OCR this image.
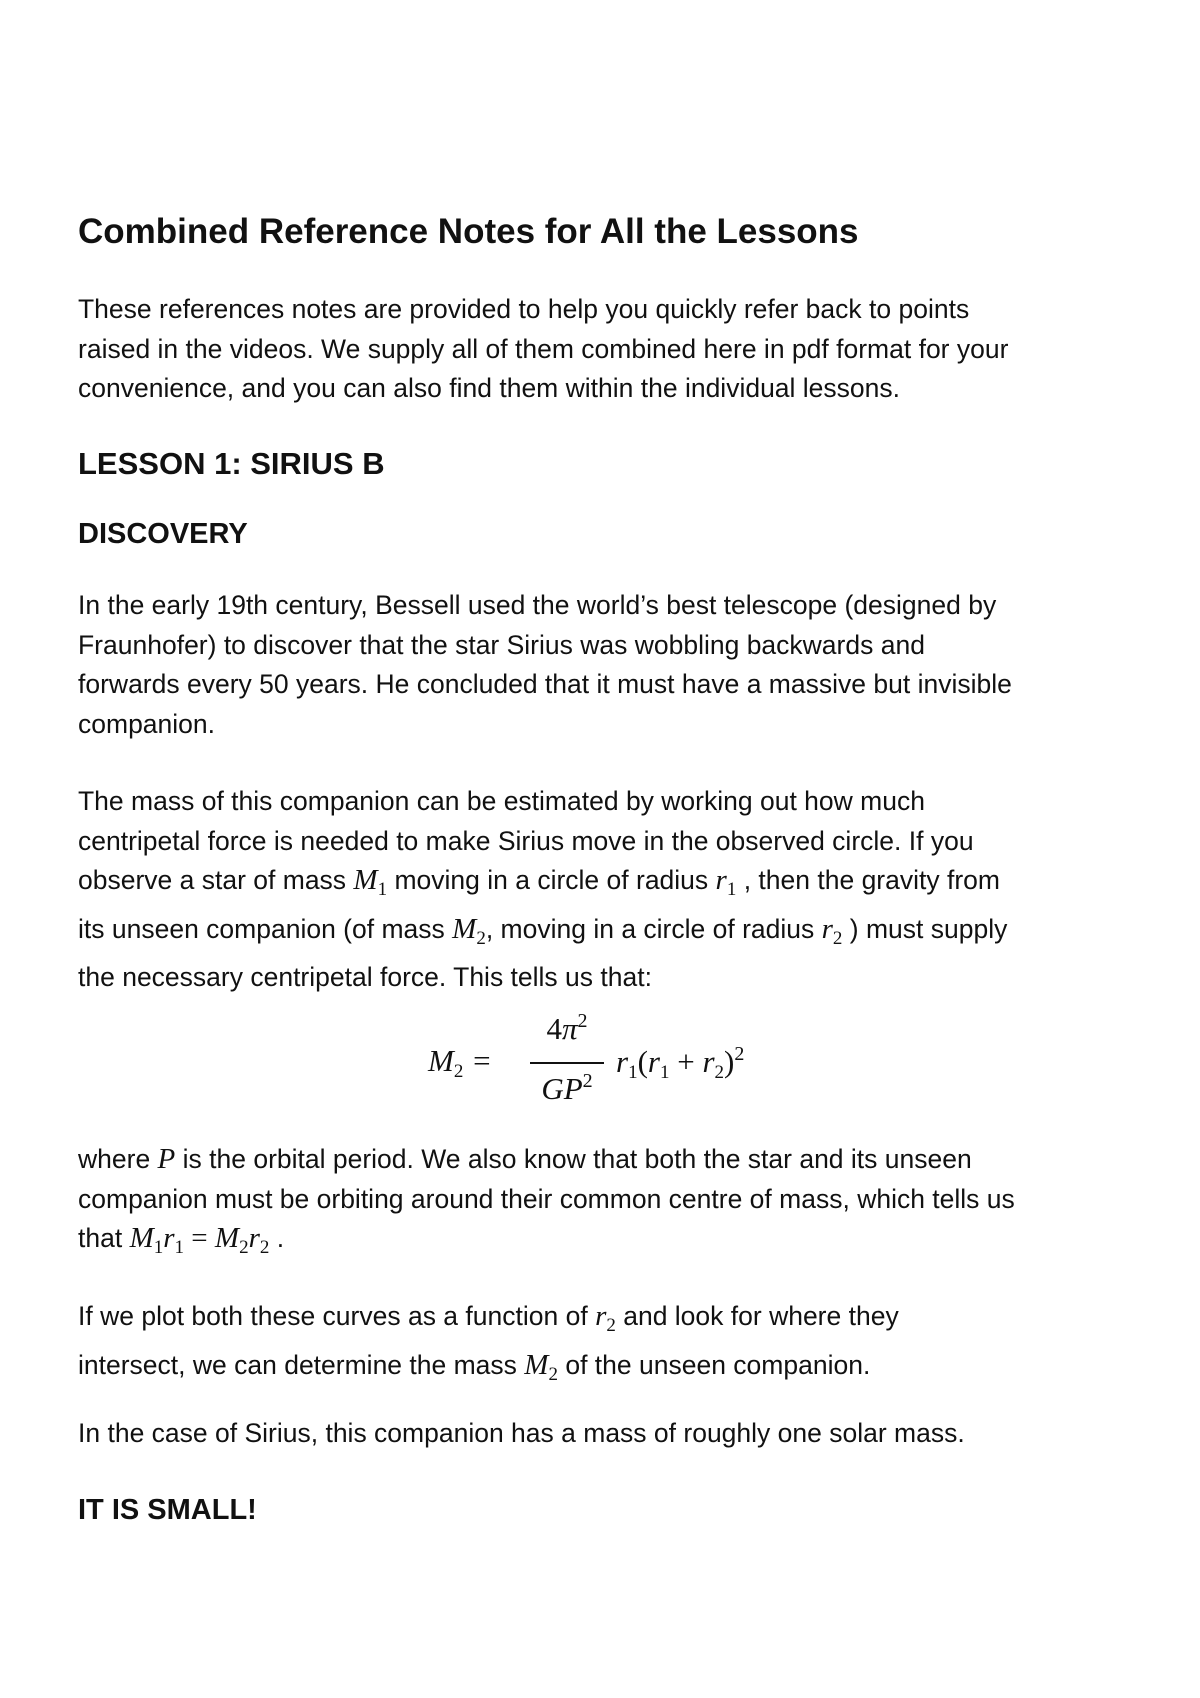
Combined Reference Notes for All the Lessons

These references notes are provided to help you quickly refer back to points
raised in the videos. We supply all of them combined here in pdf format for your
convenience, and you can also find them within the individual lessons.

LESSON 1: SIRIUS B
DISCOVERY

In the early 19th century, Bessell used the world’s best telescope (designed by
Fraunhofer) to discover that the star Sirius was wobbling backwards and
forwards every 50 years. He concluded that it must have a massive but invisible
companion.

The mass of this companion can be estimated by working out how much
centripetal force is needed to make Sirius move in the observed circle. If you
observe a star of mass $M_1$ moving in a circle of radius $r_1$ , then the gravity from
its unseen companion (of mass $M_2$, moving in a circle of radius $r_2$ ) must supply
the necessary centripetal force. This tells us that:

$M_2$ =
$4\pi^2$
$GP^2$
$r_1(r_1 + r_2)^2$

where P is the orbital period. We also know that both the star and its unseen
companion must be orbiting around their common centre of mass, which tells us
that $M_1r_1 = M_2r_2$ .

If we plot both these curves as a function of $r_2$ and look for where they
intersect, we can determine the mass $M_2$ of the unseen companion.

In the case of Sirius, this companion has a mass of roughly one solar mass.

IT IS SMALL!
